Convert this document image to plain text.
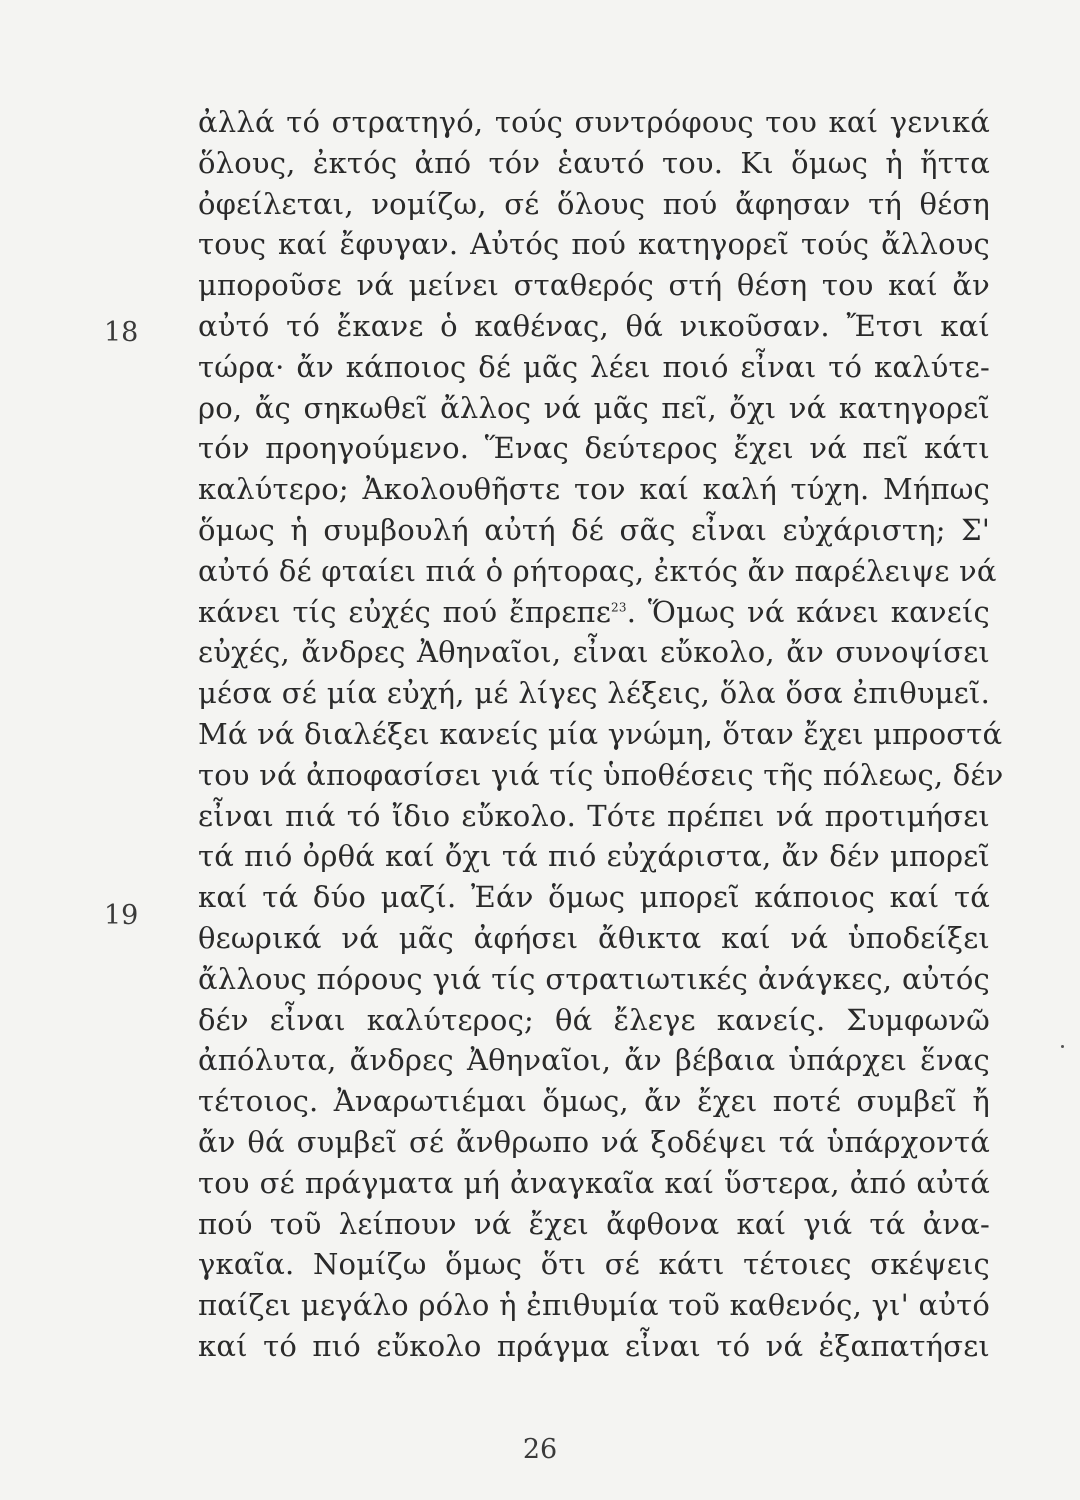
18
19
ἀλλά τό στρατηγό, τούς συντρόφους του καί γενικά
ὅλους, ἐκτός ἀπό τόν ἑαυτό του. Κι ὅμως ἡ ἥττα
ὀφείλεται, νομίζω, σέ ὅλους πού ἄφησαν τή θέση
τους καί ἔφυγαν. Αὐτός πού κατηγορεῖ τούς ἄλλους
μποροῦσε νά μείνει σταθερός στή θέση του καί ἄν
αὐτό τό ἔκανε ὁ καθένας, θά νικοῦσαν. Ἔτσι καί
τώρα· ἄν κάποιος δέ μᾶς λέει ποιό εἶναι τό καλύτε-
ρο, ἄς σηκωθεῖ ἄλλος νά μᾶς πεῖ, ὄχι νά κατηγορεῖ
τόν προηγούμενο. Ἕνας δεύτερος ἔχει νά πεῖ κάτι
καλύτερο; Ἀκολουθῆστε τον καί καλή τύχη. Μήπως
ὅμως ἡ συμβουλή αὐτή δέ σᾶς εἶναι εὐχάριστη; Σ'
αὐτό δέ φταίει πιά ὁ ρήτορας, ἐκτός ἄν παρέλειψε νά
κάνει τίς εὐχές πού ἔπρεπε$^{23}$. Ὅμως νά κάνει κανείς
εὐχές, ἄνδρες Ἀθηναῖοι, εἶναι εὔκολο, ἄν συνοψίσει
μέσα σέ μία εὐχή, μέ λίγες λέξεις, ὅλα ὅσα ἐπιθυμεῖ.
Μά νά διαλέξει κανείς μία γνώμη, ὅταν ἔχει μπροστά
του νά ἀποφασίσει γιά τίς ὑποθέσεις τῆς πόλεως, δέν
εἶναι πιά τό ἴδιο εὔκολο. Τότε πρέπει νά προτιμήσει
τά πιό ὀρθά καί ὄχι τά πιό εὐχάριστα, ἄν δέν μπορεῖ
καί τά δύο μαζί. Ἐάν ὅμως μπορεῖ κάποιος καί τά
θεωρικά νά μᾶς ἀφήσει ἄθικτα καί νά ὑποδείξει
ἄλλους πόρους γιά τίς στρατιωτικές ἀνάγκες, αὐτός
δέν εἶναι καλύτερος; θά ἔλεγε κανείς. Συμφωνῶ
ἀπόλυτα, ἄνδρες Ἀθηναῖοι, ἄν βέβαια ὑπάρχει ἕνας
τέτοιος. Ἀναρωτιέμαι ὅμως, ἄν ἔχει ποτέ συμβεῖ ἤ
ἄν θά συμβεῖ σέ ἄνθρωπο νά ξοδέψει τά ὑπάρχοντά
του σέ πράγματα μή ἀναγκαῖα καί ὕστερα, ἀπό αὐτά
πού τοῦ λείπουν νά ἔχει ἄφθονα καί γιά τά ἀνα-
γκαῖα. Νομίζω ὅμως ὅτι σέ κάτι τέτοιες σκέψεις
παίζει μεγάλο ρόλο ἡ ἐπιθυμία τοῦ καθενός, γι' αὐτό
καί τό πιό εὔκολο πράγμα εἶναι τό νά ἐξαπατήσει
26
